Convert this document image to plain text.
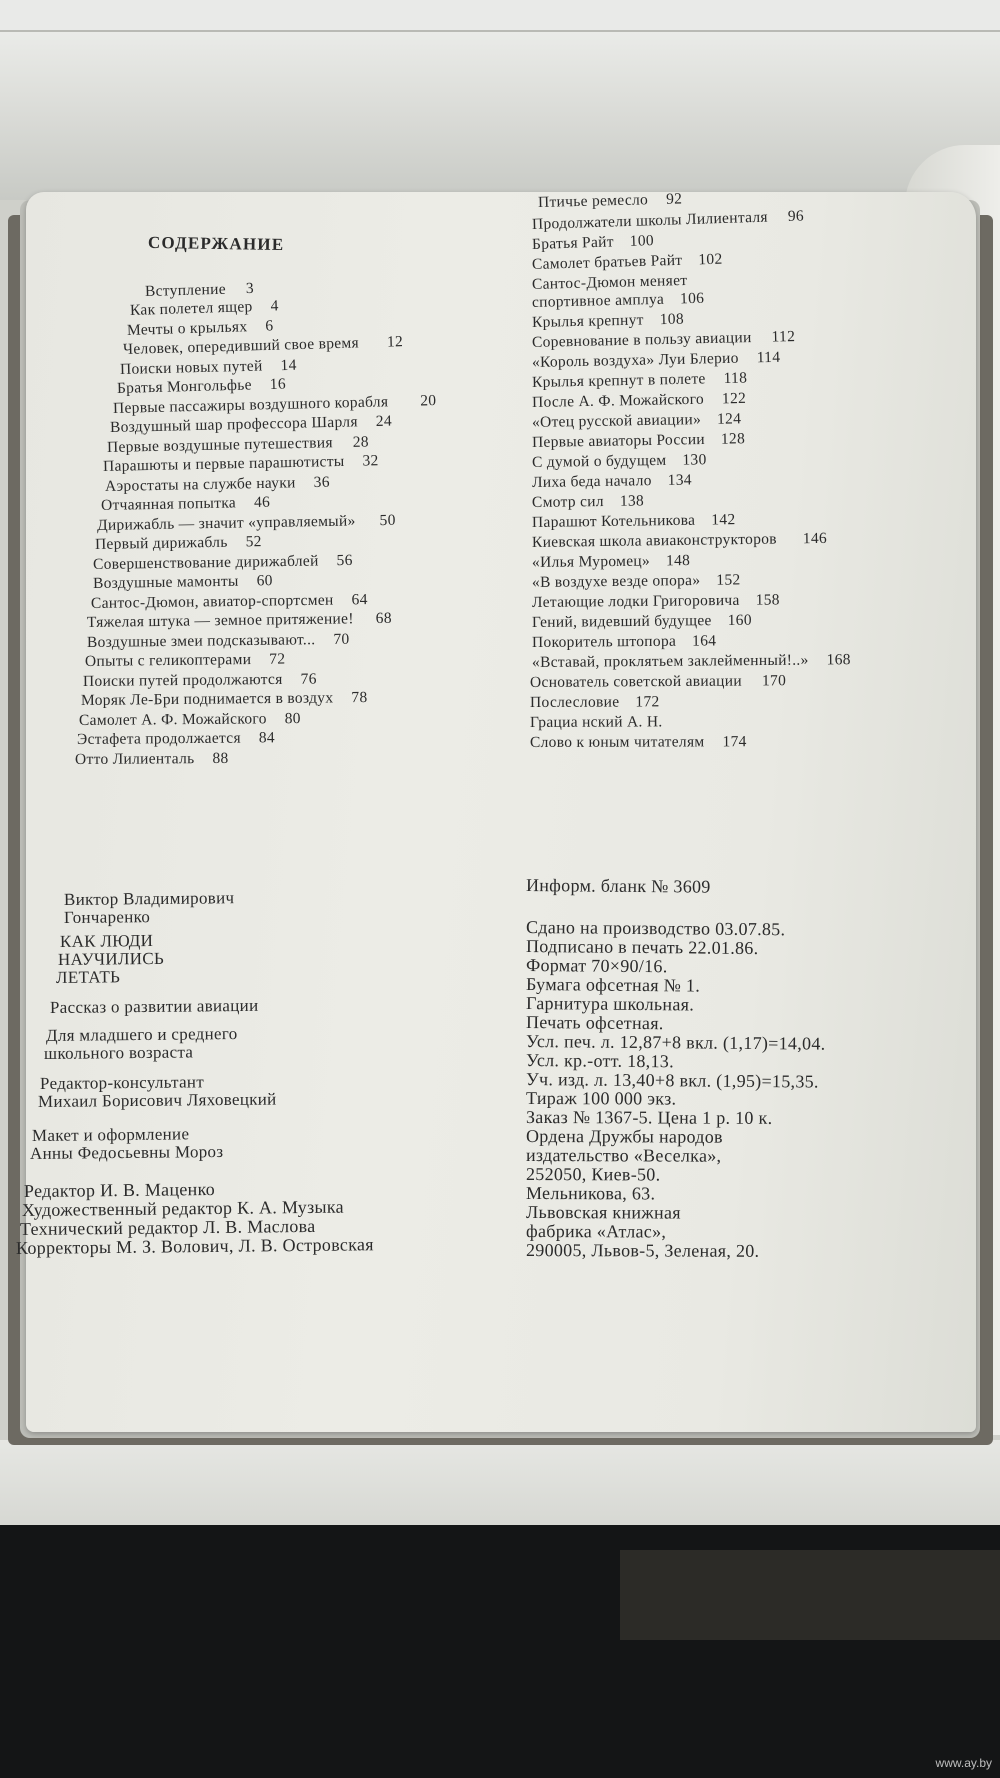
СОДЕРЖАНИЕ
Вступление 3
Как полетел ящер 4
Мечты о крыльях 6
Человек, опередивший свое время 12
Поиски новых путей 14
Братья Монгольфье 16
Первые пассажиры воздушного корабля 20
Воздушный шар профессора Шарля 24
Первые воздушные путешествия 28
Парашюты и первые парашютисты 32
Аэростаты на службе науки 36
Отчаянная попытка 46
Дирижабль — значит «управляемый» 50
Первый дирижабль 52
Совершенствование дирижаблей 56
Воздушные мамонты 60
Сантос-Дюмон, авиатор-спортсмен 64
Тяжелая штука — земное притяжение! 68
Воздушные змеи подсказывают... 70
Опыты с геликоптерами 72
Поиски путей продолжаются 76
Моряк Ле-Бри поднимается в воздух 78
Самолет А. Ф. Можайского 80
Эстафета продолжается 84
Отто Лилиенталь 88
Птичье ремесло 92
Продолжатели школы Лилиенталя 96
Братья Райт 100
Самолет братьев Райт 102
Сантос-Дюмон меняет
спортивное амплуа 106
Крылья крепнут 108
Соревнование в пользу авиации 112
«Король воздуха» Луи Блерио 114
Крылья крепнут в полете 118
После А. Ф. Можайского 122
«Отец русской авиации» 124
Первые авиаторы России 128
С думой о будущем 130
Лиха беда начало 134
Смотр сил 138
Парашют Котельникова 142
Киевская школа авиаконструкторов 146
«Илья Муромец» 148
«В воздухе везде опора» 152
Летающие лодки Григоровича 158
Гений, видевший будущее 160
Покоритель штопора 164
«Вставай, проклятьем заклейменный!..» 168
Основатель советской авиации 170
Послесловие 172
Грациа нский А. Н.
Слово к юным читателям 174
Виктор Владимирович
Гончаренко
КАК ЛЮДИ
НАУЧИЛИСЬ
ЛЕТАТЬ
Рассказ о развитии авиации
Для младшего и среднего
школьного возраста
Редактор-консультант
Михаил Борисович Ляховецкий
Макет и оформление
Анны Федосьевны Мороз
Редактор И. В. Маценко
Художественный редактор К. А. Музыка
Технический редактор Л. В. Маслова
Корректоры М. З. Волович, Л. В. Островская
Информ. бланк № 3609
Сдано на производство 03.07.85.
Подписано в печать 22.01.86.
Формат 70×90/16.
Бумага офсетная № 1.
Гарнитура школьная.
Печать офсетная.
Усл. печ. л. 12,87+8 вкл. (1,17)=14,04.
Усл. кр.-отт. 18,13.
Уч. изд. л. 13,40+8 вкл. (1,95)=15,35.
Тираж 100 000 экз.
Заказ № 1367-5. Цена 1 р. 10 к.
Ордена Дружбы народов
издательство «Веселка»,
252050, Киев-50.
Мельникова, 63.
Львовская книжная
фабрика «Атлас»,
290005, Львов-5, Зеленая, 20.
www.ay.by
